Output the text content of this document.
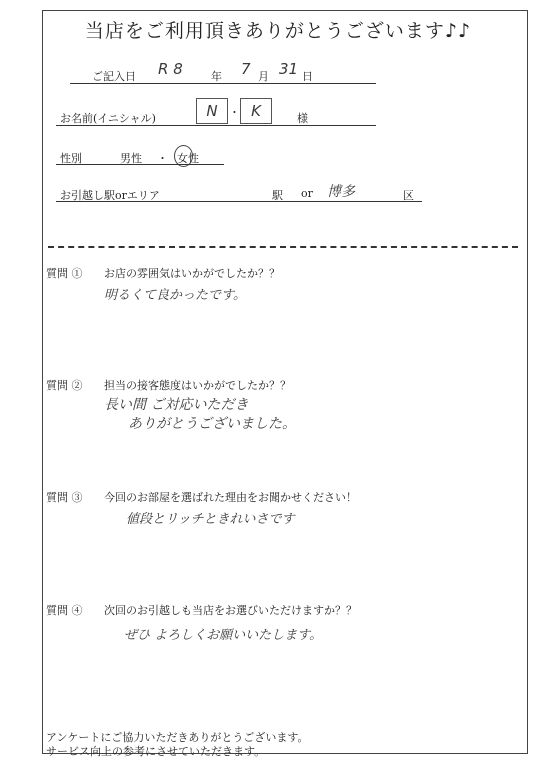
当店をご利用頂きありがとうございます♪♪
ご記入日 R 8	年 7 月 31 日
お名前(イニシャル)	N ・ K	様
性別	男性 ・ 女性
お引越し駅orエリア	駅 or 博多	区
質問 ① お店の雰囲気はいかがでしたか？？
明るくて良かったです。
質問 ② 担当の接客態度はいかがでしたか？？
長い間 ご対応いただき
ありがとうございました。
質問 ③ 今回のお部屋を選ばれた理由をお聞かせください！
値段とリッチときれいさです
質問 ④ 次回のお引越しも当店をお選びいただけますか？？
ぜひ よろしくお願いいたします。
アンケートにご協力いただきありがとうございます。
サービス向上の参考にさせていただきます。
